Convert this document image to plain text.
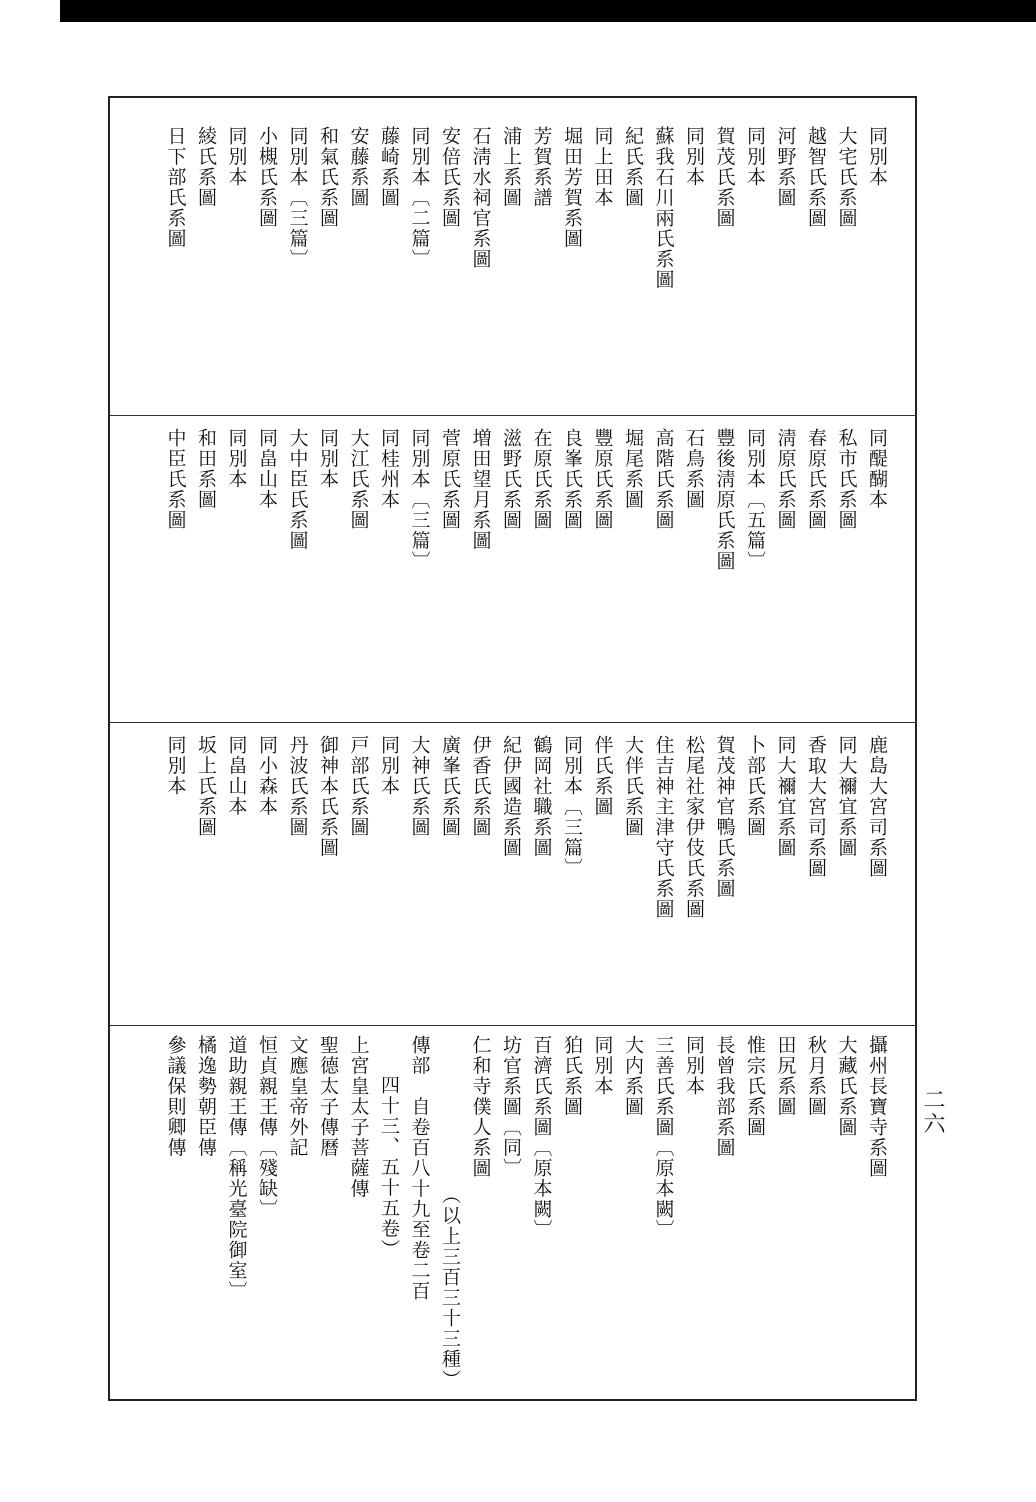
二六
同別本
大宅氏系圖
越智氏系圖
河野系圖
同別本
賀茂氏系圖
同別本
蘇我石川兩氏系圖
紀氏系圖
同上田本
堀田芳賀系圖
芳賀系譜
浦上系圖
石淸水祠官系圖
安倍氏系圖
同別本〔二篇〕
藤崎系圖
安藤系圖
和氣氏系圖
同別本〔三篇〕
小槻氏系圖
同別本
綾氏系圖
日下部氏系圖
同醍醐本
私市氏系圖
春原氏系圖
淸原氏系圖
同別本〔五篇〕
豐後淸原氏系圖
石鳥系圖
高階氏系圖
堀尾系圖
豐原氏系圖
良峯氏系圖
在原氏系圖
滋野氏系圖
増田望月系圖
菅原氏系圖
同別本〔三篇〕
同桂州本
大江氏系圖
同別本
大中臣氏系圖
同畠山本
同別本
和田系圖
中臣氏系圖
鹿島大宮司系圖
同大禰宜系圖
香取大宮司系圖
同大禰宜系圖
卜部氏系圖
賀茂神官鴨氏系圖
松尾社家伊伎氏系圖
住吉神主津守氏系圖
大伴氏系圖
伴氏系圖
同別本〔三篇〕
鶴岡社職系圖
紀伊國造系圖
伊香氏系圖
廣峯氏系圖
大神氏系圖
同別本
戸部氏系圖
御神本氏系圖
丹波氏系圖
同小森本
同畠山本
坂上氏系圖
同別本
攝州長寶寺系圖
大藏氏系圖
秋月系圖
田尻系圖
惟宗氏系圖
長曾我部系圖
同別本
三善氏系圖〔原本闕〕
大内系圖
同別本
狛氏系圖
百濟氏系圖〔原本闕〕
坊官系圖〔同〕
仁和寺僕人系圖
（以上三百三十三種）
傳部　自卷百八十九至卷二百
四十三、五十五卷）
上宮皇太子菩薩傳
聖德太子傳曆
文應皇帝外記
恒貞親王傳〔殘缺〕
道助親王傳〔稱光臺院御室〕
橘逸勢朝臣傳
參議保則卿傳
